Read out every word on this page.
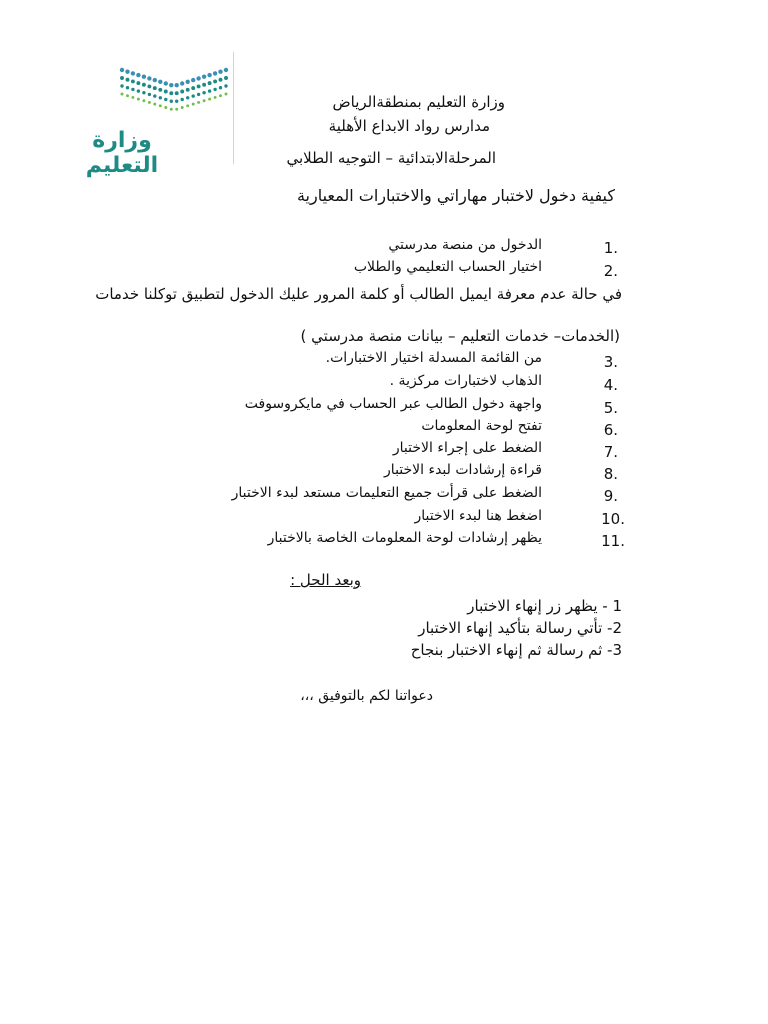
وزارة التعليم
وزارة التعليم بمنطقةالرياض
مدارس رواد الابداع الأهلية
المرحلةالابتدائية – التوجيه الطلابي
كيفية دخول لاختبار مهاراتي والاختبارات المعيارية
1.
الدخول من منصة مدرستي
2.
اختيار الحساب التعليمي والطلاب
في حالة عدم معرفة ايميل الطالب أو كلمة المرور عليك الدخول لتطبيق توكلنا خدمات
(الخدمات– خدمات التعليم – بيانات منصة مدرستي )
3.
من القائمة المسدلة اختيار الاختبارات.
4.
الذهاب لاختبارات مركزية .
5.
واجهة دخول الطالب عبر الحساب في مايكروسوفت
6.
تفتح لوحة المعلومات
7.
الضغط على إجراء الاختبار
8.
قراءة إرشادات لبدء الاختبار
9.
الضغط على قرأت جميع التعليمات مستعد لبدء الاختبار
10.
اضغط هنا لبدء الاختبار
11.
يظهر إرشادات لوحة المعلومات الخاصة بالاختبار
وبعد الحل :
1 - يظهر زر إنهاء الاختبار
2- تأتي رسالة بتأكيد إنهاء الاختبار
3- ثم رسالة ثم إنهاء الاختبار بنجاح
دعواتنا لكم بالتوفيق ،،،
